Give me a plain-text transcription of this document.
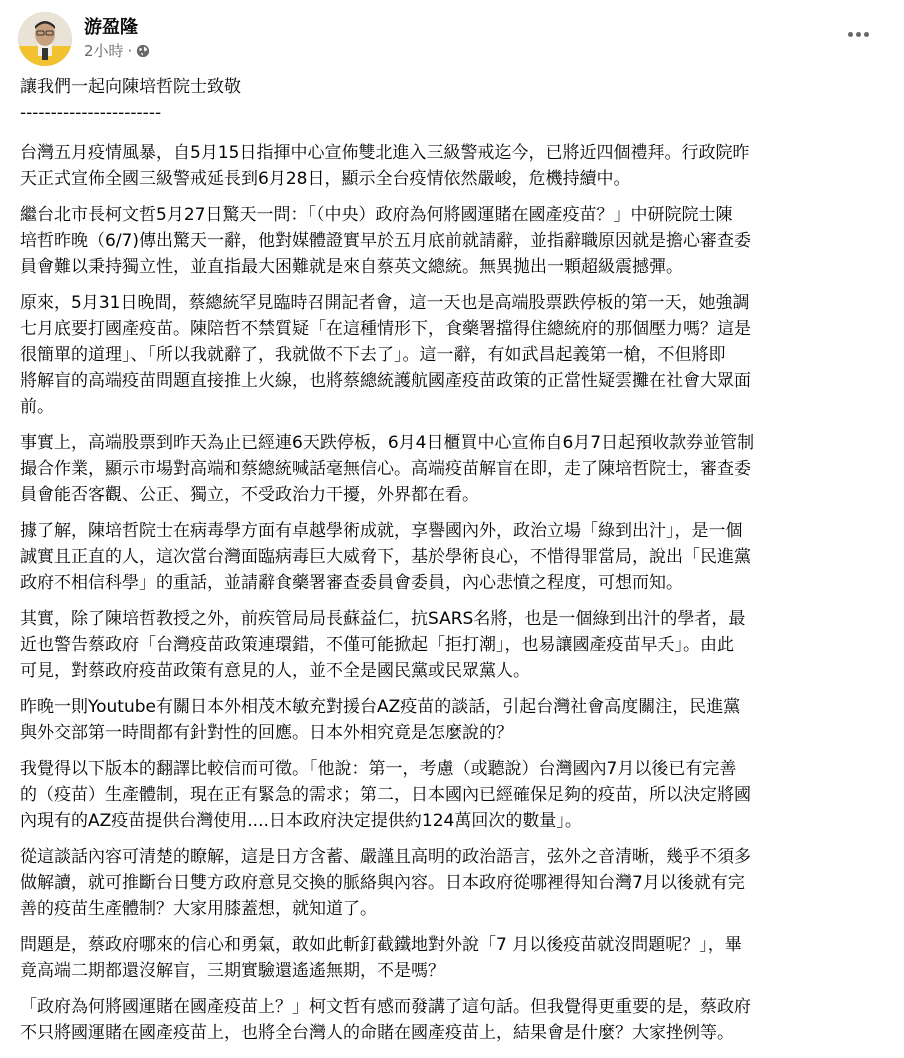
游盈隆
2小時 ·
讓我們一起向陳培哲院士致敬
-----------------------
台灣五月疫情風暴，自5月15日指揮中心宣佈雙北進入三級警戒迄今，已將近四個禮拜。行政院昨
天正式宣佈全國三級警戒延長到6月28日，顯示全台疫情依然嚴峻，危機持續中。
繼台北市長柯文哲5月27日驚天一問：「（中央）政府為何將國運賭在國產疫苗？」中研院院士陳
培哲昨晚（6/7)傳出驚天一辭，他對媒體證實早於五月底前就請辭，並指辭職原因就是擔心審查委
員會難以秉持獨立性，並直指最大困難就是來自蔡英文總統。無異拋出一顆超級震撼彈。
原來，5月31日晚間，蔡總統罕見臨時召開記者會，這一天也是高端股票跌停板的第一天，她強調
七月底要打國產疫苗。陳陪哲不禁質疑「在這種情形下，食藥署擋得住總統府的那個壓力嗎？這是
很簡單的道理」、「所以我就辭了，我就做不下去了」。這一辭，有如武昌起義第一槍，不但將即
將解盲的高端疫苗問題直接推上火線，也將蔡總統護航國產疫苗政策的正當性疑雲攤在社會大眾面
前。
事實上，高端股票到昨天為止已經連6天跌停板，6月4日櫃買中心宣佈自6月7日起預收款券並管制
撮合作業，顯示市場對高端和蔡總統喊話毫無信心。高端疫苗解盲在即，走了陳培哲院士，審查委
員會能否客觀、公正、獨立，不受政治力干擾，外界都在看。
據了解，陳培哲院士在病毒學方面有卓越學術成就，享譽國內外，政治立場「綠到出汁」，是一個
誠實且正直的人，這次當台灣面臨病毒巨大威脅下，基於學術良心，不惜得罪當局，說出「民進黨
政府不相信科學」的重話，並請辭食藥署審查委員會委員，內心悲憤之程度，可想而知。
其實，除了陳培哲教授之外，前疾管局局長蘇益仁，抗SARS名將，也是一個綠到出汁的學者，最
近也警告蔡政府「台灣疫苗政策連環錯，不僅可能掀起「拒打潮」，也易讓國產疫苗早夭」。由此
可見，對蔡政府疫苗政策有意見的人，並不全是國民黨或民眾黨人。
昨晚一則Youtube有關日本外相茂木敏充對援台AZ疫苗的談話，引起台灣社會高度關注，民進黨
與外交部第一時間都有針對性的回應。日本外相究竟是怎麼說的？
我覺得以下版本的翻譯比較信而可徵。「他說：第一，考慮（或聽說）台灣國內7月以後已有完善
的（疫苗）生產體制，現在正有緊急的需求；第二，日本國內已經確保足夠的疫苗，所以決定將國
內現有的AZ疫苗提供台灣使用....日本政府決定提供約124萬回次的數量」。
從這談話內容可清楚的瞭解，這是日方含蓄、嚴謹且高明的政治語言，弦外之音清晰，幾乎不須多
做解讀，就可推斷台日雙方政府意見交換的脈絡與內容。日本政府從哪裡得知台灣7月以後就有完
善的疫苗生產體制？大家用膝蓋想，就知道了。
問題是，蔡政府哪來的信心和勇氣，敢如此斬釘截鐵地對外說「7 月以後疫苗就沒問題呢？」，畢
竟高端二期都還沒解盲，三期實驗還遙遙無期，不是嗎？
「政府為何將國運賭在國產疫苗上？」柯文哲有感而發講了這句話。但我覺得更重要的是，蔡政府
不只將國運賭在國產疫苗上，也將全台灣人的命賭在國產疫苗上，結果會是什麼？大家挫例等。
